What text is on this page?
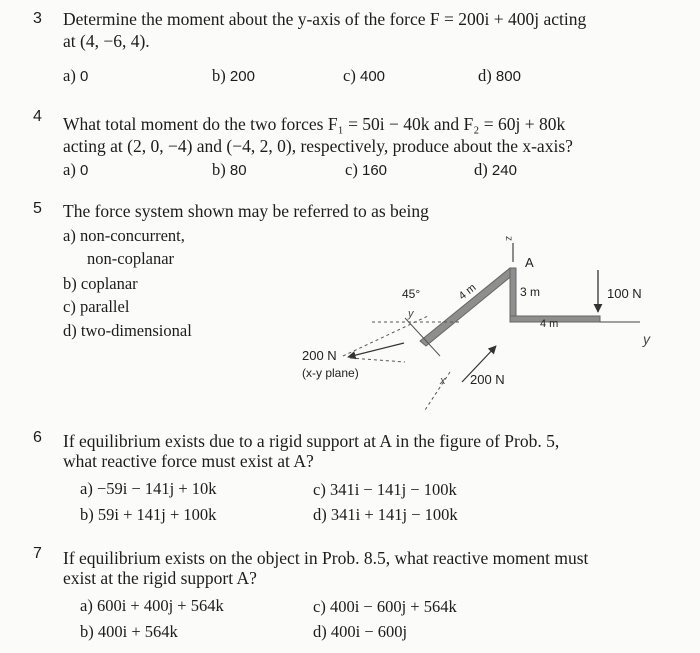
3 Determine the moment about the y-axis of the force F = 200i + 400j acting
at (4, −6, 4).
a) 0	b) 200	c) 400	d) 800
4 What total moment do the two forces F₁ = 50i − 40k and F₂ = 60j + 80k
acting at (2, 0, −4) and (−4, 2, 0), respectively, produce about the x-axis?
a) 0	b) 80	c) 160	d) 240
5 The force system shown may be referred to as being
a) non-concurrent,
non-coplanar
b) coplanar
c) parallel
d) two-dimensional
z
y
100 N
A
3 m
4 m
4 m
45°
y
200 N
(x-y plane)
x 200 N
6 If equilibrium exists due to a rigid support at A in the figure of Prob. 5,
what reactive force must exist at A?
a) −59i − 141j + 10k
b) 59i + 141j + 100k
c) 341i − 141j − 100k
d) 341i + 141j − 100k
7 If equilibrium exists on the object in Prob. 8.5, what reactive moment must
exist at the rigid support A?
a) 600i + 400j + 564k
b) 400i + 564k
c) 400i − 600j + 564k
d) 400i − 600j
